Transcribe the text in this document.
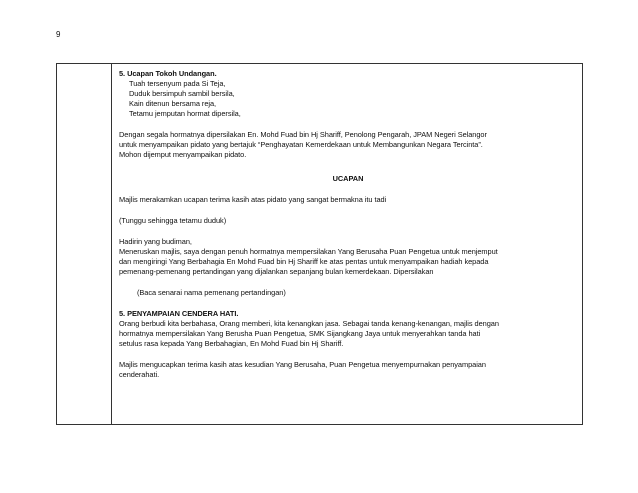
9

5. Ucapan Tokoh Undangan.

Tuah tersenyum pada Si Teja,

Duduk bersimpuh sambil bersila,

Kain ditenun bersama reja,

Tetamu jemputan hormat dipersila,

Dengan segala hormatnya dipersilakan En. Mohd Fuad bin Hj Shariff, Penolong Pengarah, JPAM Negeri Selangor

untuk menyampaikan pidato yang bertajuk “Penghayatan Kemerdekaan untuk Membangunkan Negara Tercinta”.

Mohon dijemput menyampaikan pidato.

UCAPAN

Majlis merakamkan ucapan terima kasih atas pidato yang sangat bermakna itu tadi

(Tunggu sehingga tetamu duduk)

Hadirin yang budiman,

Meneruskan majlis, saya dengan penuh hormatnya mempersilakan Yang Berusaha Puan Pengetua untuk menjemput

dan mengiringi Yang Berbahagia En Mohd Fuad bin Hj Shariff ke atas pentas untuk menyampaikan hadiah kepada

pemenang-pemenang pertandingan yang dijalankan sepanjang bulan kemerdekaan. Dipersilakan

(Baca senarai nama pemenang pertandingan)

5. PENYAMPAIAN CENDERA HATI.

Orang berbudi kita berbahasa, Orang memberi, kita kenangkan jasa. Sebagai tanda kenang-kenangan, majlis dengan

hormatnya mempersilakan Yang Berusha Puan Pengetua, SMK Sijangkang Jaya untuk menyerahkan tanda hati

setulus rasa kepada Yang Berbahagian, En Mohd Fuad bin Hj Shariff.

Majlis mengucapkan terima kasih atas kesudian Yang Berusaha, Puan Pengetua menyempurnakan penyampaian

cenderahati.
